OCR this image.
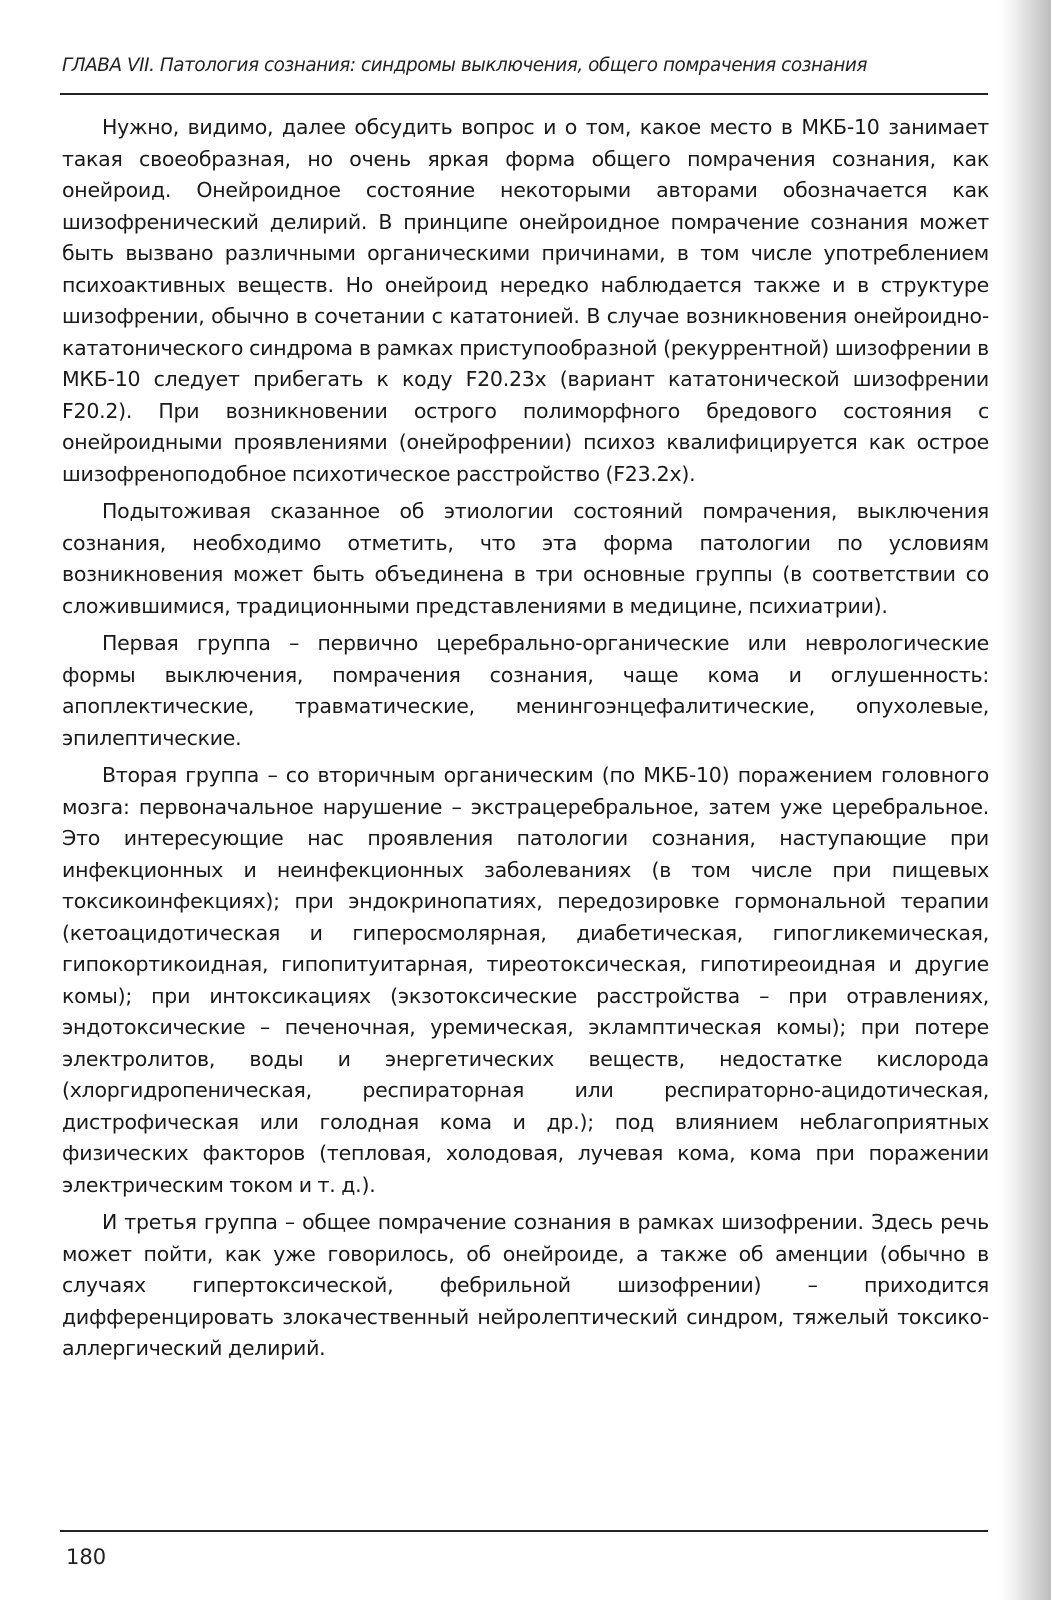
ГЛАВА VII. Патология сознания: синдромы выключения, общего помрачения сознания

Нужно, видимо, далее обсудить вопрос и о том, какое место в МКБ-10 занимает такая своеобразная, но очень яркая форма общего помрачения сознания, как онейроид. Онейроидное состояние некоторыми авторами обозначается как шизофренический делирий. В принципе онейроидное помрачение сознания может быть вызвано различными органическими причинами, в том числе употреблением психоактивных веществ. Но онейроид нередко наблюдается также и в структуре шизофрении, обычно в сочетании с кататонией. В случае возникновения онейроидно-кататонического синдрома в рамках приступообразной (рекуррентной) шизофрении в МКБ-10 следует прибегать к коду F20.23x (вариант кататонической шизофрении F20.2). При возникновении острого полиморфного бредового состояния с онейроидными проявлениями (онейрофрении) психоз квалифицируется как острое шизофреноподобное психотическое расстройство (F23.2x).

Подытоживая сказанное об этиологии состояний помрачения, выключения сознания, необходимо отметить, что эта форма патологии по условиям возникновения может быть объединена в три основные группы (в соответствии со сложившимися, традиционными представлениями в медицине, психиатрии).

Первая группа – первично церебрально-органические или неврологические формы выключения, помрачения сознания, чаще кома и оглушенность: апоплектические, травматические, менингоэнцефалитические, опухолевые, эпилептические.

Вторая группа – со вторичным органическим (по МКБ-10) поражением головного мозга: первоначальное нарушение – экстрацеребральное, затем уже церебральное. Это интересующие нас проявления патологии сознания, наступающие при инфекционных и неинфекционных заболеваниях (в том числе при пищевых токсикоинфекциях); при эндокринопатиях, передозировке гормональной терапии (кетоацидотическая и гиперосмолярная, диабетическая, гипогликемическая, гипокортикоидная, гипопитуитарная, тиреотоксическая, гипотиреоидная и другие комы); при интоксикациях (экзотоксические расстройства – при отравлениях, эндотоксические – печеночная, уремическая, экламптическая комы); при потере электролитов, воды и энергетических веществ, недостатке кислорода (хлоргидропеническая, респираторная или респираторно-ацидотическая, дистрофическая или голодная кома и др.); под влиянием неблагоприятных физических факторов (тепловая, холодовая, лучевая кома, кома при поражении электрическим током и т. д.).

И третья группа – общее помрачение сознания в рамках шизофрении. Здесь речь может пойти, как уже говорилось, об онейроиде, а также об аменции (обычно в случаях гипертоксической, фебрильной шизофрении) – приходится дифференцировать злокачественный нейролептический синдром, тяжелый токсико-аллергический делирий.

180
